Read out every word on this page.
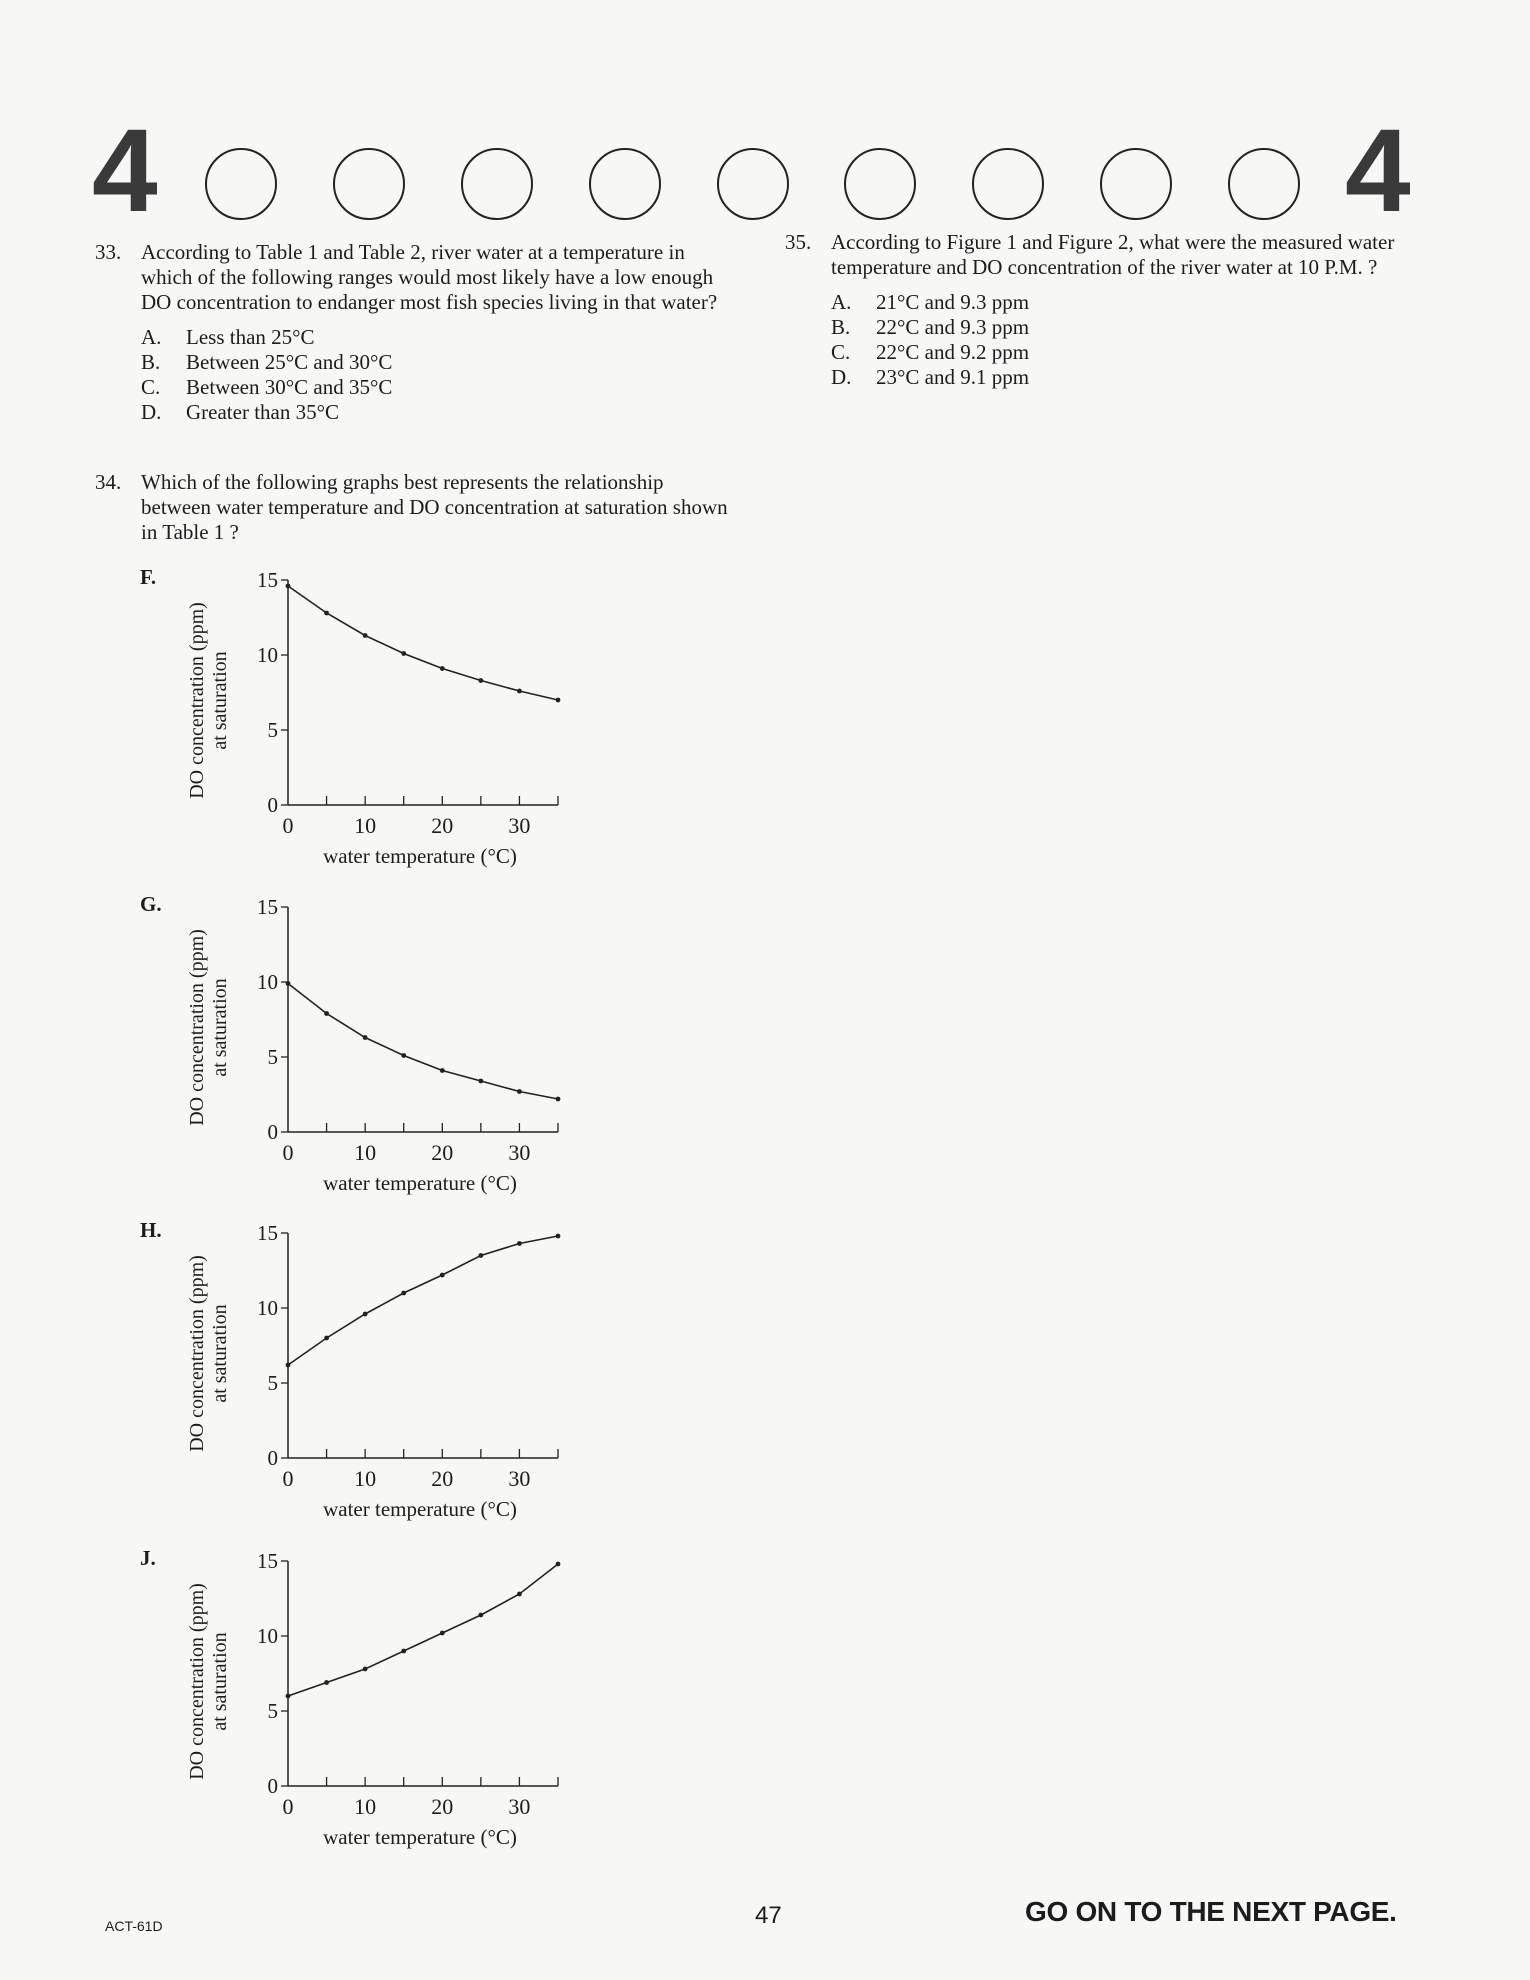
4	4
33. According to Table 1 and Table 2, river water at a temperature in which of the following ranges would most likely have a low enough DO concentration to endanger most fish species living in that water?
A.	Less than 25°C
B.	Between 25°C and 30°C
C.	Between 30°C and 35°C
D.	Greater than 35°C
34. Which of the following graphs best represents the relationship between water temperature and DO concentration at saturation shown in Table 1 ?
F.
G.
H.
J.
0
5
10
15
0	10	20	30
water temperature (°C)
DO concentration (ppm) at saturation
0
5
10
15
0	10	20	30
water temperature (°C)
DO concentration (ppm) at saturation
0
5
10
15
0	10	20	30
water temperature (°C)
DO concentration (ppm) at saturation
0
5
10
15
0	10	20	30
water temperature (°C)
DO concentration (ppm) at saturation
35. According to Figure 1 and Figure 2, what were the measured water temperature and DO concentration of the river water at 10 P.M. ?
A.	21°C and 9.3 ppm
B.	22°C and 9.3 ppm
C.	22°C and 9.2 ppm
D.	23°C and 9.1 ppm
ACT-61D	47	GO ON TO THE NEXT PAGE.
